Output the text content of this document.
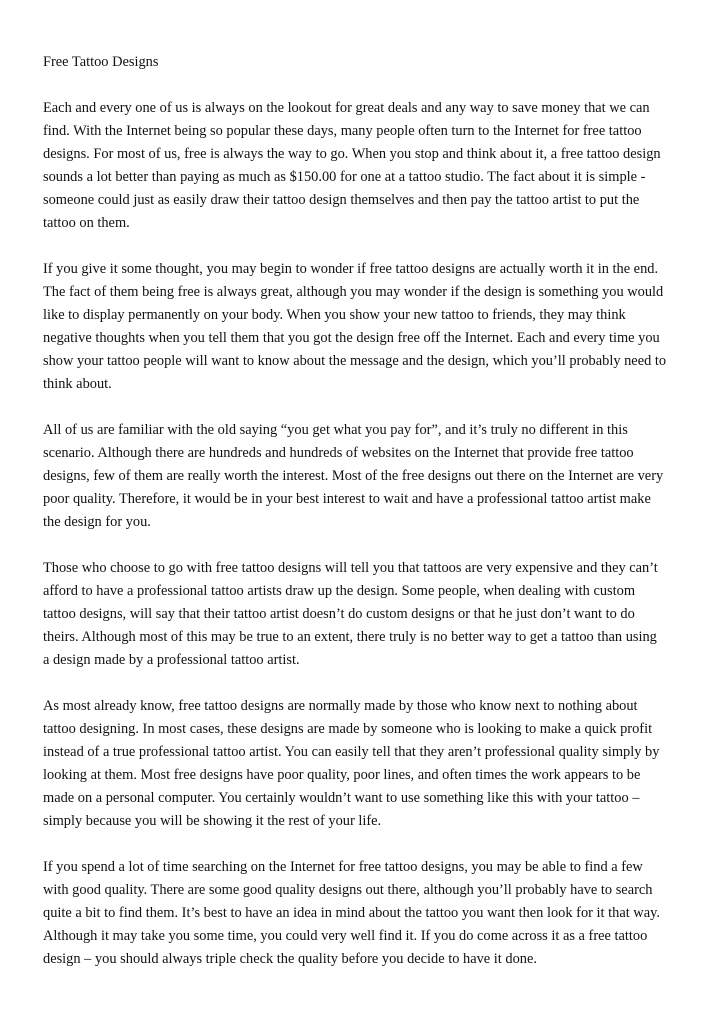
Free Tattoo Designs
Each and every one of us is always on the lookout for great deals and any way to save money that we can
find. With the Internet being so popular these days, many people often turn to the Internet for free tattoo
designs. For most of us, free is always the way to go. When you stop and think about it, a free tattoo design
sounds a lot better than paying as much as $150.00 for one at a tattoo studio. The fact about it is simple -
someone could just as easily draw their tattoo design themselves and then pay the tattoo artist to put the
tattoo on them.
If you give it some thought, you may begin to wonder if free tattoo designs are actually worth it in the end.
The fact of them being free is always great, although you may wonder if the design is something you would
like to display permanently on your body. When you show your new tattoo to friends, they may think
negative thoughts when you tell them that you got the design free off the Internet. Each and every time you
show your tattoo people will want to know about the message and the design, which you’ll probably need to
think about.
All of us are familiar with the old saying “you get what you pay for”, and it’s truly no different in this
scenario. Although there are hundreds and hundreds of websites on the Internet that provide free tattoo
designs, few of them are really worth the interest. Most of the free designs out there on the Internet are very
poor quality. Therefore, it would be in your best interest to wait and have a professional tattoo artist make
the design for you.
Those who choose to go with free tattoo designs will tell you that tattoos are very expensive and they can’t
afford to have a professional tattoo artists draw up the design. Some people, when dealing with custom
tattoo designs, will say that their tattoo artist doesn’t do custom designs or that he just don’t want to do
theirs. Although most of this may be true to an extent, there truly is no better way to get a tattoo than using
a design made by a professional tattoo artist.
As most already know, free tattoo designs are normally made by those who know next to nothing about
tattoo designing. In most cases, these designs are made by someone who is looking to make a quick profit
instead of a true professional tattoo artist. You can easily tell that they aren’t professional quality simply by
looking at them. Most free designs have poor quality, poor lines, and often times the work appears to be
made on a personal computer. You certainly wouldn’t want to use something like this with your tattoo –
simply because you will be showing it the rest of your life.
If you spend a lot of time searching on the Internet for free tattoo designs, you may be able to find a few
with good quality. There are some good quality designs out there, although you’ll probably have to search
quite a bit to find them. It’s best to have an idea in mind about the tattoo you want then look for it that way.
Although it may take you some time, you could very well find it. If you do come across it as a free tattoo
design – you should always triple check the quality before you decide to have it done.
